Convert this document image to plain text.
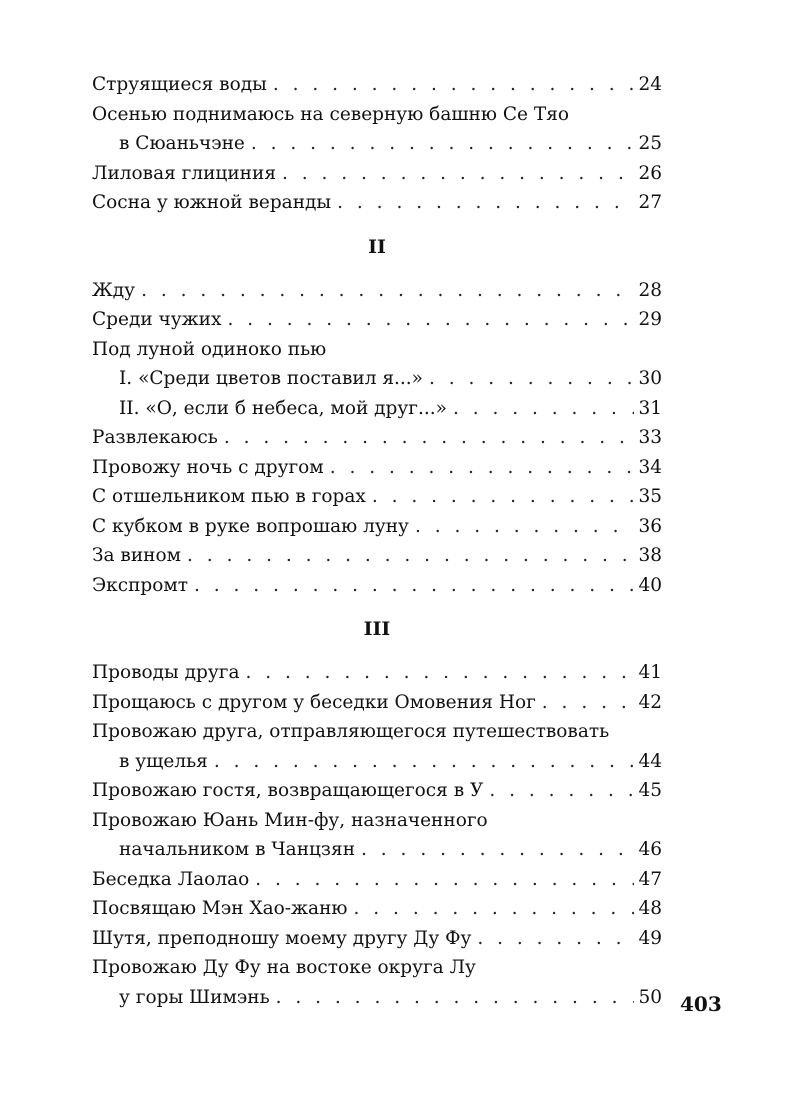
Струящиеся воды . . .	24
Осенью поднимаюсь на северную башню Се Тяо
в Сюаньчэне . . .	25
Лиловая глициния . . .	26
Сосна у южной веранды . . .	27
II
Жду . . .	28
Среди чужих . . .	29
Под луной одиноко пью
I. «Среди цветов поставил я...» . . .	30
II. «О, если б небеса, мой друг...» . . .	31
Развлекаюсь . . .	33
Провожу ночь с другом . . .	34
С отшельником пью в горах . . .	35
С кубком в руке вопрошаю луну . . .	36
За вином . . .	38
Экспромт . . .	40
III
Проводы друга . . .	41
Прощаюсь с другом у беседки Омовения Ног . . .	42
Провожаю друга, отправляющегося путешествовать
в ущелья . . .	44
Провожаю гостя, возвращающегося в У . . .	45
Провожаю Юань Мин-фу, назначенного
начальником в Чанцзян . . .	46
Беседка Лаолао . . .	47
Посвящаю Мэн Хао-жаню . . .	48
Шутя, преподношу моему другу Ду Фу . . .	49
Провожаю Ду Фу на востоке округа Лу
у горы Шимэнь . . .	50 403
